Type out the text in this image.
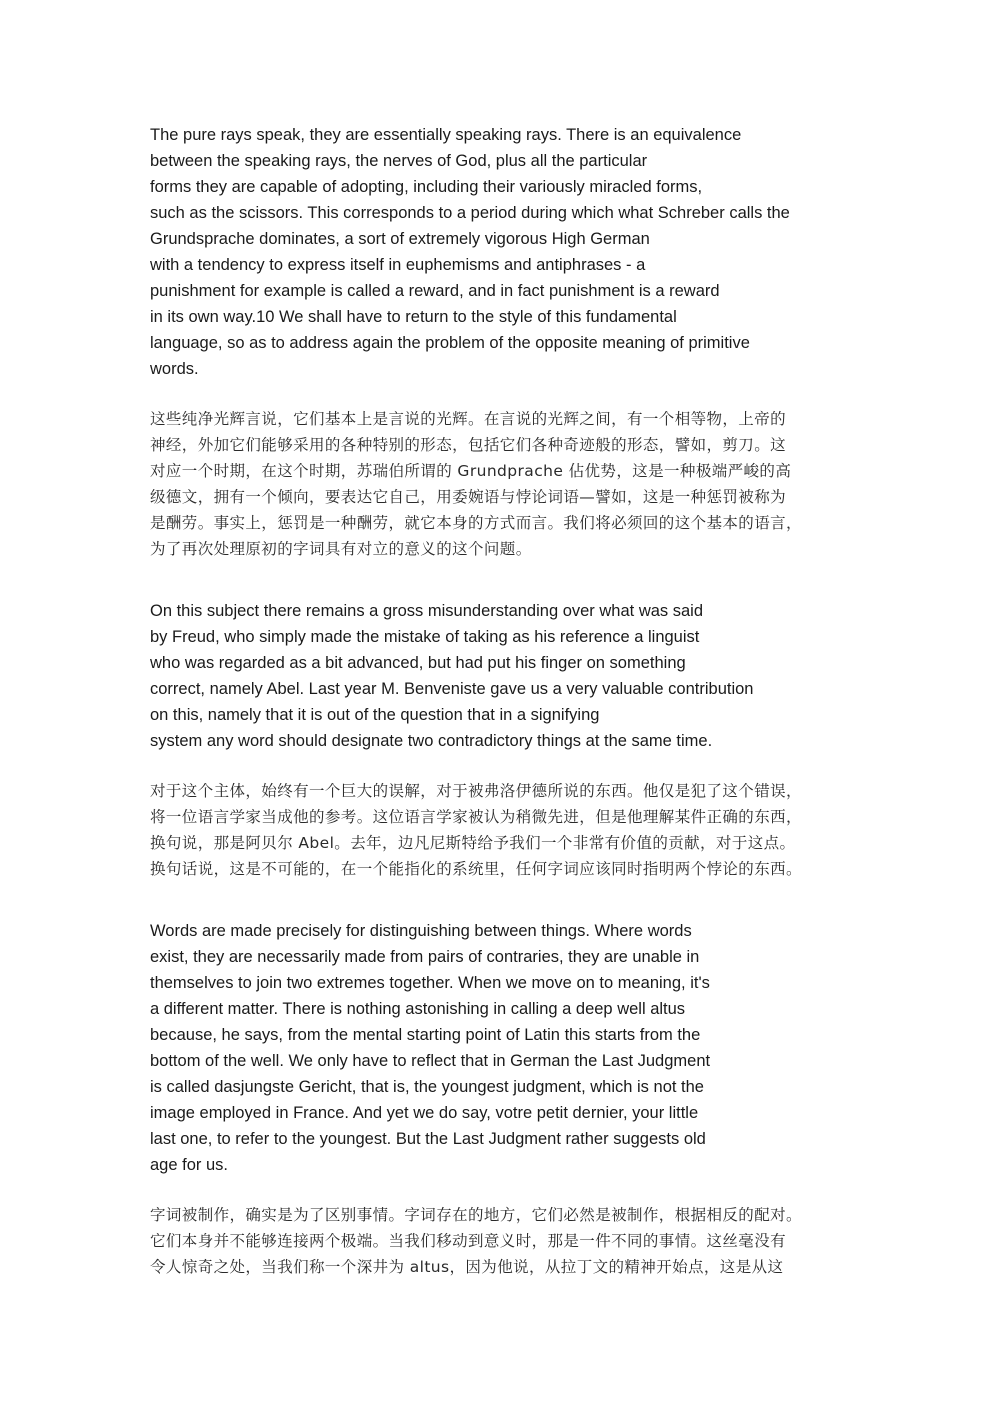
The pure rays speak, they are essentially speaking rays. There is an equivalence
between the speaking rays, the nerves of God, plus all the particular
forms they are capable of adopting, including their variously miracled forms,
such as the scissors. This corresponds to a period during which what Schreber calls the
Grundsprache dominates, a sort of extremely vigorous High German
with a tendency to express itself in euphemisms and antiphrases - a
punishment for example is called a reward, and in fact punishment is a reward
in its own way.10 We shall have to return to the style of this fundamental
language, so as to address again the problem of the opposite meaning of primitive
words.

这些纯净光辉言说，它们基本上是言说的光辉。在言说的光辉之间，有一个相等物，上帝的
神经，外加它们能够采用的各种特别的形态，包括它们各种奇迹般的形态，譬如，剪刀。这
对应一个时期，在这个时期，苏瑞伯所谓的 Grundprache 佔优势，这是一种极端严峻的高
级德文，拥有一个倾向，要表达它自己，用委婉语与悖论词语—譬如，这是一种惩罚被称为
是酬劳。事实上，惩罚是一种酬劳，就它本身的方式而言。我们将必须回的这个基本的语言，
为了再次处理原初的字词具有对立的意义的这个问题。

On this subject there remains a gross misunderstanding over what was said
by Freud, who simply made the mistake of taking as his reference a linguist
who was regarded as a bit advanced, but had put his finger on something
correct, namely Abel. Last year M. Benveniste gave us a very valuable contribution
on this, namely that it is out of the question that in a signifying
system any word should designate two contradictory things at the same time.

对于这个主体，始终有一个巨大的误解，对于被弗洛伊德所说的东西。他仅是犯了这个错误，
将一位语言学家当成他的参考。这位语言学家被认为稍微先进，但是他理解某件正确的东西，
换句说，那是阿贝尔 Abel。去年，边凡尼斯特给予我们一个非常有价值的贡献，对于这点。
换句话说，这是不可能的，在一个能指化的系统里，任何字词应该同时指明两个悖论的东西。

Words are made precisely for distinguishing between things. Where words
exist, they are necessarily made from pairs of contraries, they are unable in
themselves to join two extremes together. When we move on to meaning, it's
a different matter. There is nothing astonishing in calling a deep well altus
because, he says, from the mental starting point of Latin this starts from the
bottom of the well. We only have to reflect that in German the Last Judgment
is called dasjungste Gericht, that is, the youngest judgment, which is not the
image employed in France. And yet we do say, votre petit dernier, your little
last one, to refer to the youngest. But the Last Judgment rather suggests old
age for us.

字词被制作，确实是为了区别事情。字词存在的地方，它们必然是被制作，根据相反的配对。
它们本身并不能够连接两个极端。当我们移动到意义时，那是一件不同的事情。这丝毫没有
令人惊奇之处，当我们称一个深井为 altus，因为他说，从拉丁文的精神开始点，这是从这
